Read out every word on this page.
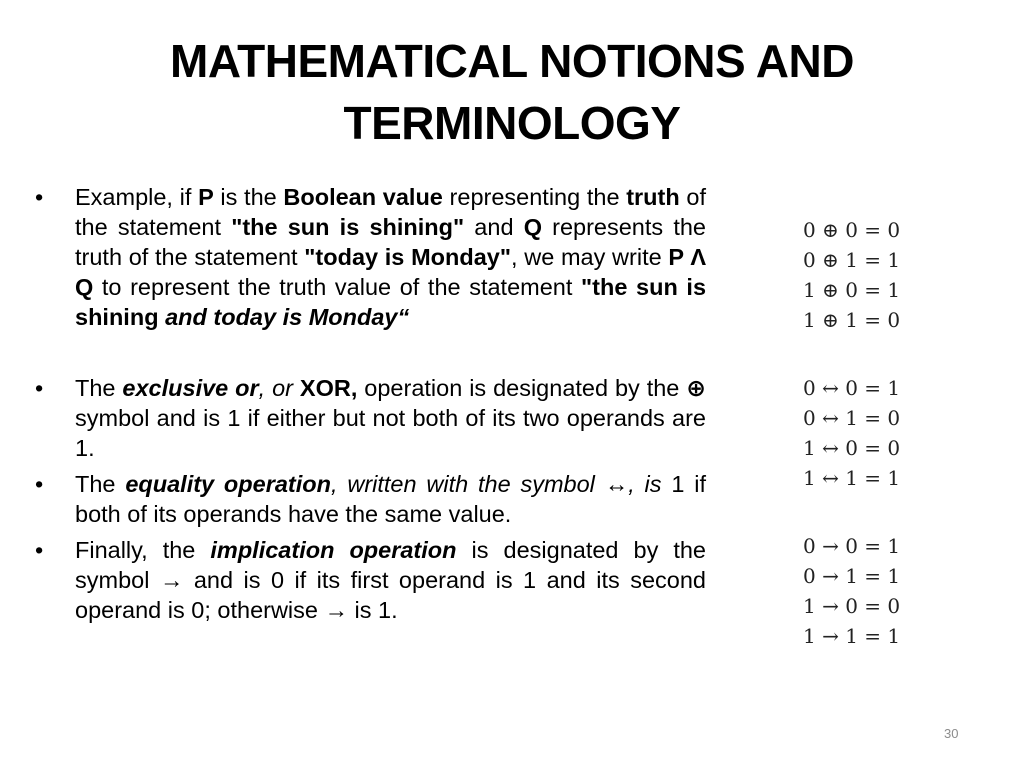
MATHEMATICAL NOTIONS AND
TERMINOLOGY
• Example, if P is the Boolean value representing the truth of the statement "the sun is shining" and Q represents the truth of the statement "today is Monday", we may write P Λ Q to represent the truth value of the statement "the sun is shining and today is Monday“
• The exclusive or, or XOR, operation is designated by the ⊕ symbol and is 1 if either but not both of its two operands are 1.
• The equality operation, written with the symbol ↔, is 1 if both of its operands have the same value.
• Finally, the implication operation is designated by the symbol → and is 0 if its first operand is 1 and its second operand is 0; otherwise → is 1.
0 ⊕ 0 = 0
0 ⊕ 1 = 1
1 ⊕ 0 = 1
1 ⊕ 1 = 0
0 ↔ 0 = 1
0 ↔ 1 = 0
1 ↔ 0 = 0
1 ↔ 1 = 1
0 → 0 = 1
0 → 1 = 1
1 → 0 = 0
1 → 1 = 1
30
